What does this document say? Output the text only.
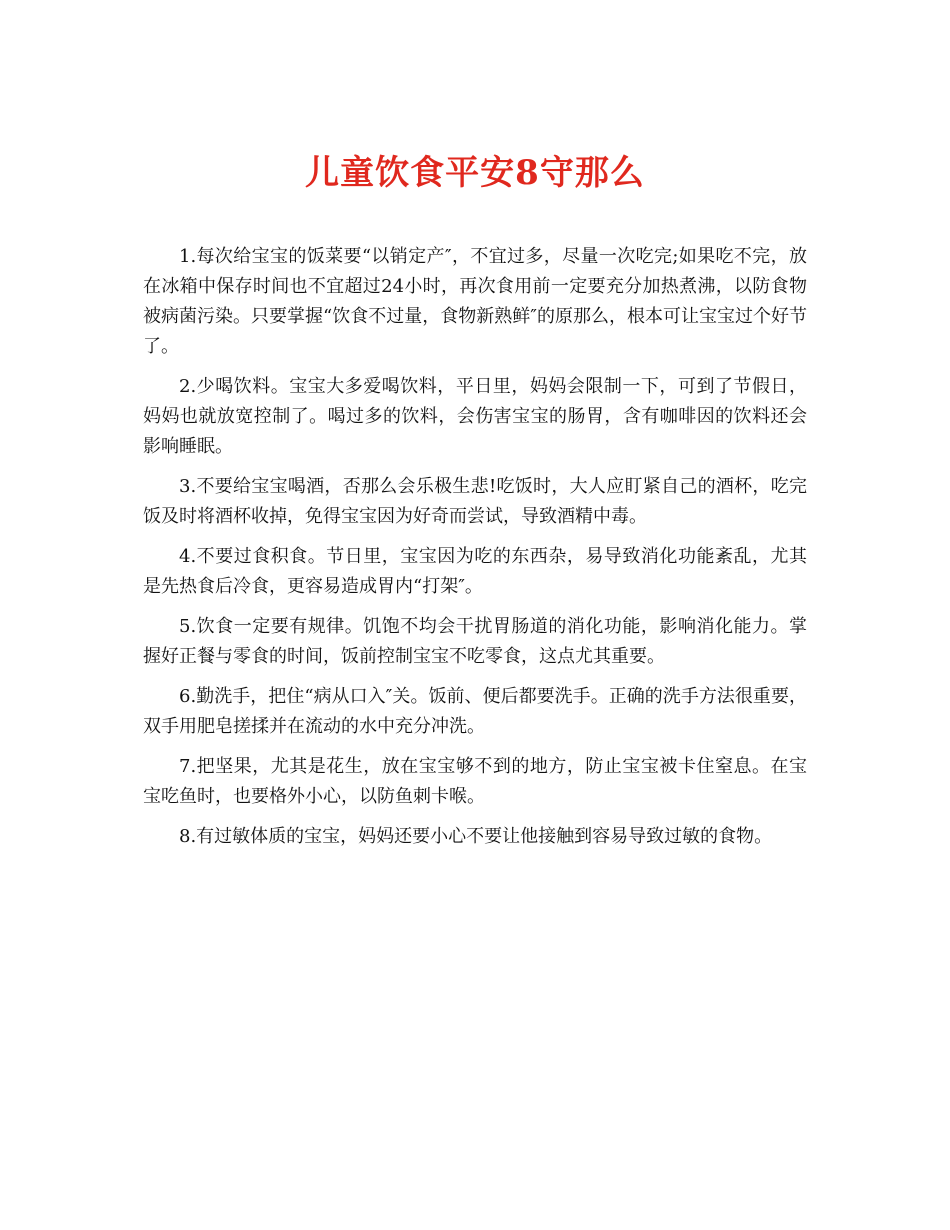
儿童饮食平安8守那么

1.每次给宝宝的饭菜要“以销定产″，不宜过多，尽量一次吃完;如果吃不完，放在冰箱中保存时间也不宜超过24小时，再次食用前一定要充分加热煮沸，以防食物被病菌污染。只要掌握“饮食不过量，食物新熟鲜″的原那么，根本可让宝宝过个好节了。

2.少喝饮料。宝宝大多爱喝饮料，平日里，妈妈会限制一下，可到了节假日，妈妈也就放宽控制了。喝过多的饮料，会伤害宝宝的肠胃，含有咖啡因的饮料还会影响睡眠。

3.不要给宝宝喝酒，否那么会乐极生悲!吃饭时，大人应盯紧自己的酒杯，吃完饭及时将酒杯收掉，免得宝宝因为好奇而尝试，导致酒精中毒。

4.不要过食积食。节日里，宝宝因为吃的东西杂，易导致消化功能紊乱，尤其是先热食后冷食，更容易造成胃内“打架″。

5.饮食一定要有规律。饥饱不均会干扰胃肠道的消化功能，影响消化能力。掌握好正餐与零食的时间，饭前控制宝宝不吃零食，这点尤其重要。

6.勤洗手，把住“病从口入″关。饭前、便后都要洗手。正确的洗手方法很重要，双手用肥皂搓揉并在流动的水中充分冲洗。

7.把坚果，尤其是花生，放在宝宝够不到的地方，防止宝宝被卡住窒息。在宝宝吃鱼时，也要格外小心，以防鱼刺卡喉。

8.有过敏体质的宝宝，妈妈还要小心不要让他接触到容易导致过敏的食物。
